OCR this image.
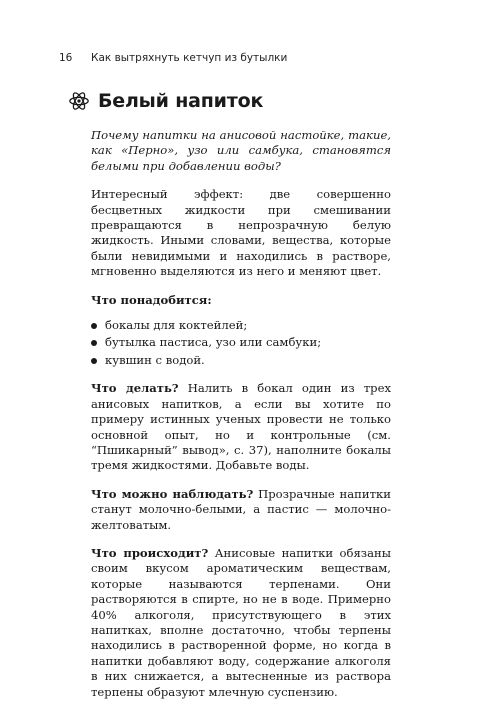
16 Как вытряхнуть кетчуп из бутылки
Белый напиток

Почему напитки на анисовой настойке, такие, как «Перно», узо или самбука, становятся белыми при добавлении воды?

Интересный эффект: две совершенно бесцветных жидкости при смешивании превращаются в непрозрачную белую жидкость. Иными словами, вещества, которые были невидимыми и находились в растворе, мгновенно выделяются из него и меняют цвет.

Что понадобится:

бокалы для коктейлей;
бутылка пастиса, узо или самбуки;
кувшин с водой.

Что делать? Налить в бокал один из трех анисовых напитков, а если вы хотите по примеру истинных ученых провести не только основной опыт, но и контрольные (см. “Пшикарный” вывод», с. 37), наполните бокалы тремя жидкостями. Добавьте воды.

Что можно наблюдать? Прозрачные напитки станут молочно-белыми, а пастис — молочно-желтоватым.

Что происходит? Анисовые напитки обязаны своим вкусом ароматическим веществам, которые называются терпенами. Они растворяются в спирте, но не в воде. Примерно 40% алкоголя, присутствующего в этих напитках, вполне достаточно, чтобы терпены находились в растворенной форме, но когда в напитки добавляют воду, содержание алкоголя в них снижается, а вытесненные из раствора терпены образуют млечную суспензию.
